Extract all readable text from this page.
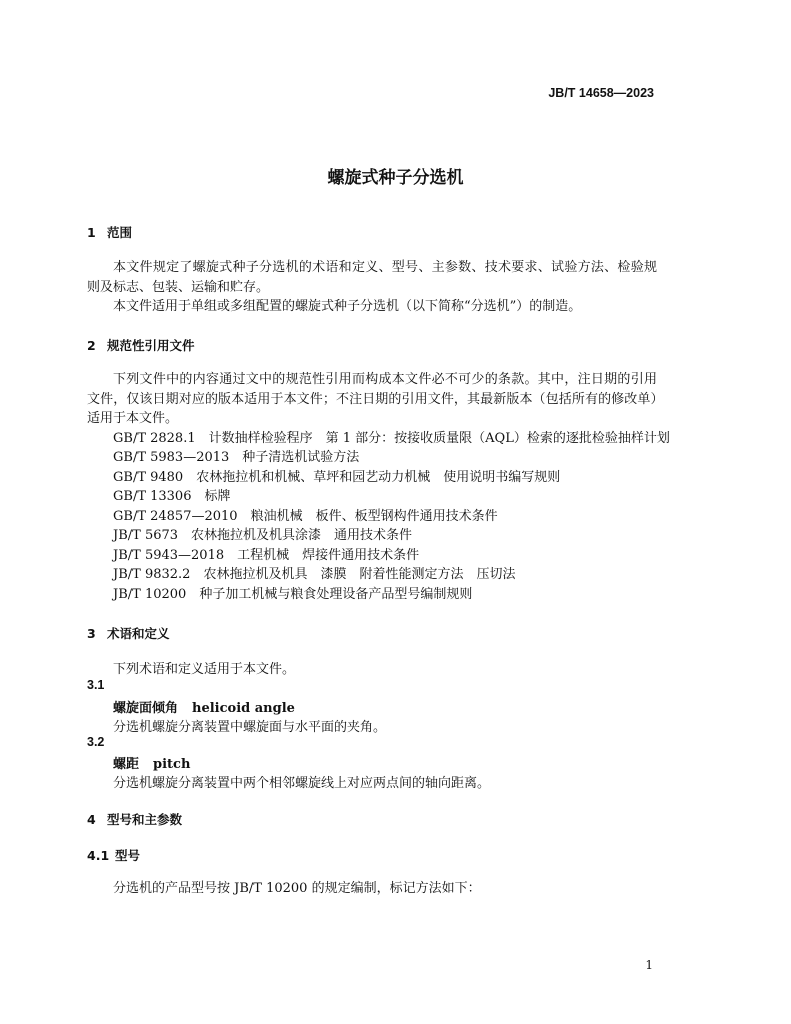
JB/T 14658—2023
螺旋式种子分选机
1 范围
本文件规定了螺旋式种子分选机的术语和定义、型号、主参数、技术要求、试验方法、检验规则及标志、包装、运输和贮存。
本文件适用于单组或多组配置的螺旋式种子分选机（以下简称“分选机”）的制造。
2 规范性引用文件
下列文件中的内容通过文中的规范性引用而构成本文件必不可少的条款。其中，注日期的引用文件，仅该日期对应的版本适用于本文件；不注日期的引用文件，其最新版本（包括所有的修改单）适用于本文件。
GB/T 2828.1 计数抽样检验程序　第 1 部分：按接收质量限（AQL）检索的逐批检验抽样计划
GB/T 5983—2013 种子清选机试验方法
GB/T 9480 农林拖拉机和机械、草坪和园艺动力机械　使用说明书编写规则
GB/T 13306 标牌
GB/T 24857—2010 粮油机械　板件、板型钢构件通用技术条件
JB/T 5673 农林拖拉机及机具涂漆　通用技术条件
JB/T 5943—2018 工程机械　焊接件通用技术条件
JB/T 9832.2 农林拖拉机及机具　漆膜　附着性能测定方法　压切法
JB/T 10200 种子加工机械与粮食处理设备产品型号编制规则
3 术语和定义
下列术语和定义适用于本文件。
3.1
螺旋面倾角 helicoid angle
分选机螺旋分离装置中螺旋面与水平面的夹角。
3.2
螺距 pitch
分选机螺旋分离装置中两个相邻螺旋线上对应两点间的轴向距离。
4 型号和主参数
4.1 型号
分选机的产品型号按 JB/T 10200 的规定编制，标记方法如下：
1
